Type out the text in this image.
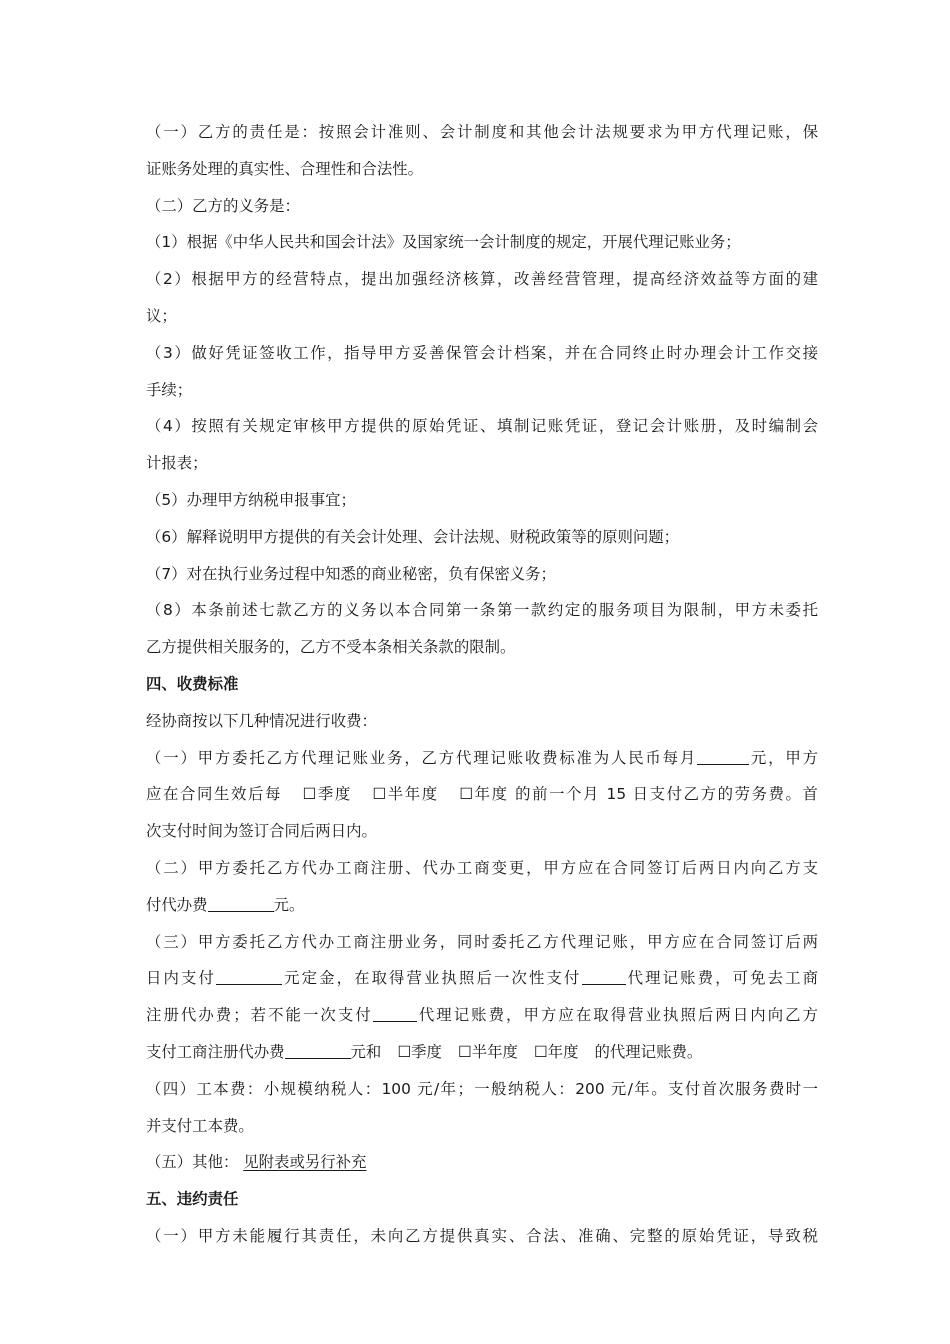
（一）乙方的责任是：按照会计准则、会计制度和其他会计法规要求为甲方代理记账，保
证账务处理的真实性、合理性和合法性。
（二）乙方的义务是：
（1）根据《中华人民共和国会计法》及国家统一会计制度的规定，开展代理记账业务；
（2）根据甲方的经营特点，提出加强经济核算，改善经营管理，提高经济效益等方面的建
议；
（3）做好凭证签收工作，指导甲方妥善保管会计档案，并在合同终止时办理会计工作交接
手续；
（4）按照有关规定审核甲方提供的原始凭证、填制记账凭证，登记会计账册，及时编制会
计报表；
（5）办理甲方纳税申报事宜；
（6）解释说明甲方提供的有关会计处理、会计法规、财税政策等的原则问题；
（7）对在执行业务过程中知悉的商业秘密，负有保密义务；
（8）本条前述七款乙方的义务以本合同第一条第一款约定的服务项目为限制，甲方未委托
乙方提供相关服务的，乙方不受本条相关条款的限制。
四、收费标准
经协商按以下几种情况进行收费：
（一）甲方委托乙方代理记账业务，乙方代理记账收费标准为人民币每月	元，甲方
应在合同生效后每 ☐季度 ☐半年度 ☐年度 的前一个月 15 日支付乙方的劳务费。首
次支付时间为签订合同后两日内。
（二）甲方委托乙方代办工商注册、代办工商变更，甲方应在合同签订后两日内向乙方支
付代办费	元。
（三）甲方委托乙方代办工商注册业务，同时委托乙方代理记账，甲方应在合同签订后两
日内支付	元定金，在取得营业执照后一次性支付	代理记账费，可免去工商
注册代办费；若不能一次支付	代理记账费，甲方应在取得营业执照后两日内向乙方
支付工商注册代办费	元和 ☐季度 ☐半年度 ☐年度 的代理记账费。
（四）工本费：小规模纳税人：100 元/年；一般纳税人：200 元/年。支付首次服务费时一
并支付工本费。
（五）其他： 见附表或另行补充
五、违约责任
（一）甲方未能履行其责任，未向乙方提供真实、合法、准确、完整的原始凭证，导致税
